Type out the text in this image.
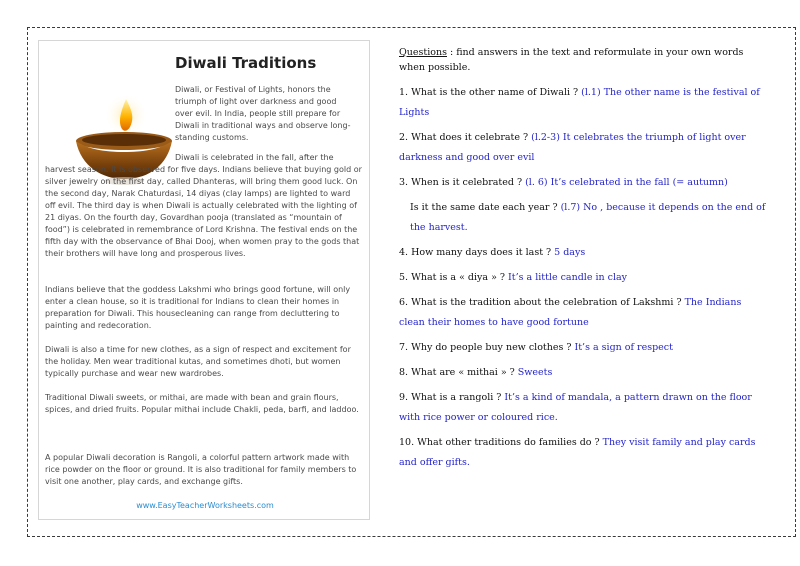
Diwali Traditions

Diwali, or Festival of Lights, honors the triumph of light over darkness and good over evil. In India, people still prepare for Diwali in traditional ways and observe long-standing customs.

Diwali is celebrated in the fall, after the harvest season. It is observed for five days. Indians believe that buying gold or silver jewelry on the first day, called Dhanteras, will bring them good luck. On the second day, Narak Chaturdasi, 14 diyas (clay lamps) are lighted to ward off evil. The third day is when Diwali is actually celebrated with the lighting of 21 diyas. On the fourth day, Govardhan pooja (translated as “mountain of food”) is celebrated in remembrance of Lord Krishna. The festival ends on the fifth day with the observance of Bhai Dooj, when women pray to the gods that their brothers will have long and prosperous lives.

Indians believe that the goddess Lakshmi who brings good fortune, will only enter a clean house, so it is traditional for Indians to clean their homes in preparation for Diwali. This housecleaning can range from decluttering to painting and redecoration.

Diwali is also a time for new clothes, as a sign of respect and excitement for the holiday. Men wear traditional kutas, and sometimes dhoti, but women typically purchase and wear new wardrobes.

Traditional Diwali sweets, or mithai, are made with bean and grain flours, spices, and dried fruits. Popular mithai include Chakli, peda, barfi, and laddoo.

A popular Diwali decoration is Rangoli, a colorful pattern artwork made with rice powder on the floor or ground. It is also traditional for family members to visit one another, play cards, and exchange gifts.

www.EasyTeacherWorksheets.com

Questions : find answers in the text and reformulate in your own words when possible.

1. What is the other name of Diwali ? (l.1) The other name is the festival of Lights

2. What does it celebrate ? (l.2-3) It celebrates the triumph of light over darkness and good over evil

3. When is it celebrated ? (l. 6) It’s celebrated in the fall (= autumn)

Is it the same date each year ? (l.7) No , because it depends on the end of the harvest.

4. How many days does it last ? 5 days

5. What is a « diya » ? It’s a little candle in clay

6. What is the tradition about the celebration of Lakshmi ? The Indians clean their homes to have good fortune

7. Why do people buy new clothes ? It’s a sign of respect

8. What are « mithai » ? Sweets

9. What is a rangoli ? It’s a kind of mandala, a pattern drawn on the floor with rice power or coloured rice.

10. What other traditions do families do ? They visit family and play cards and offer gifts.
